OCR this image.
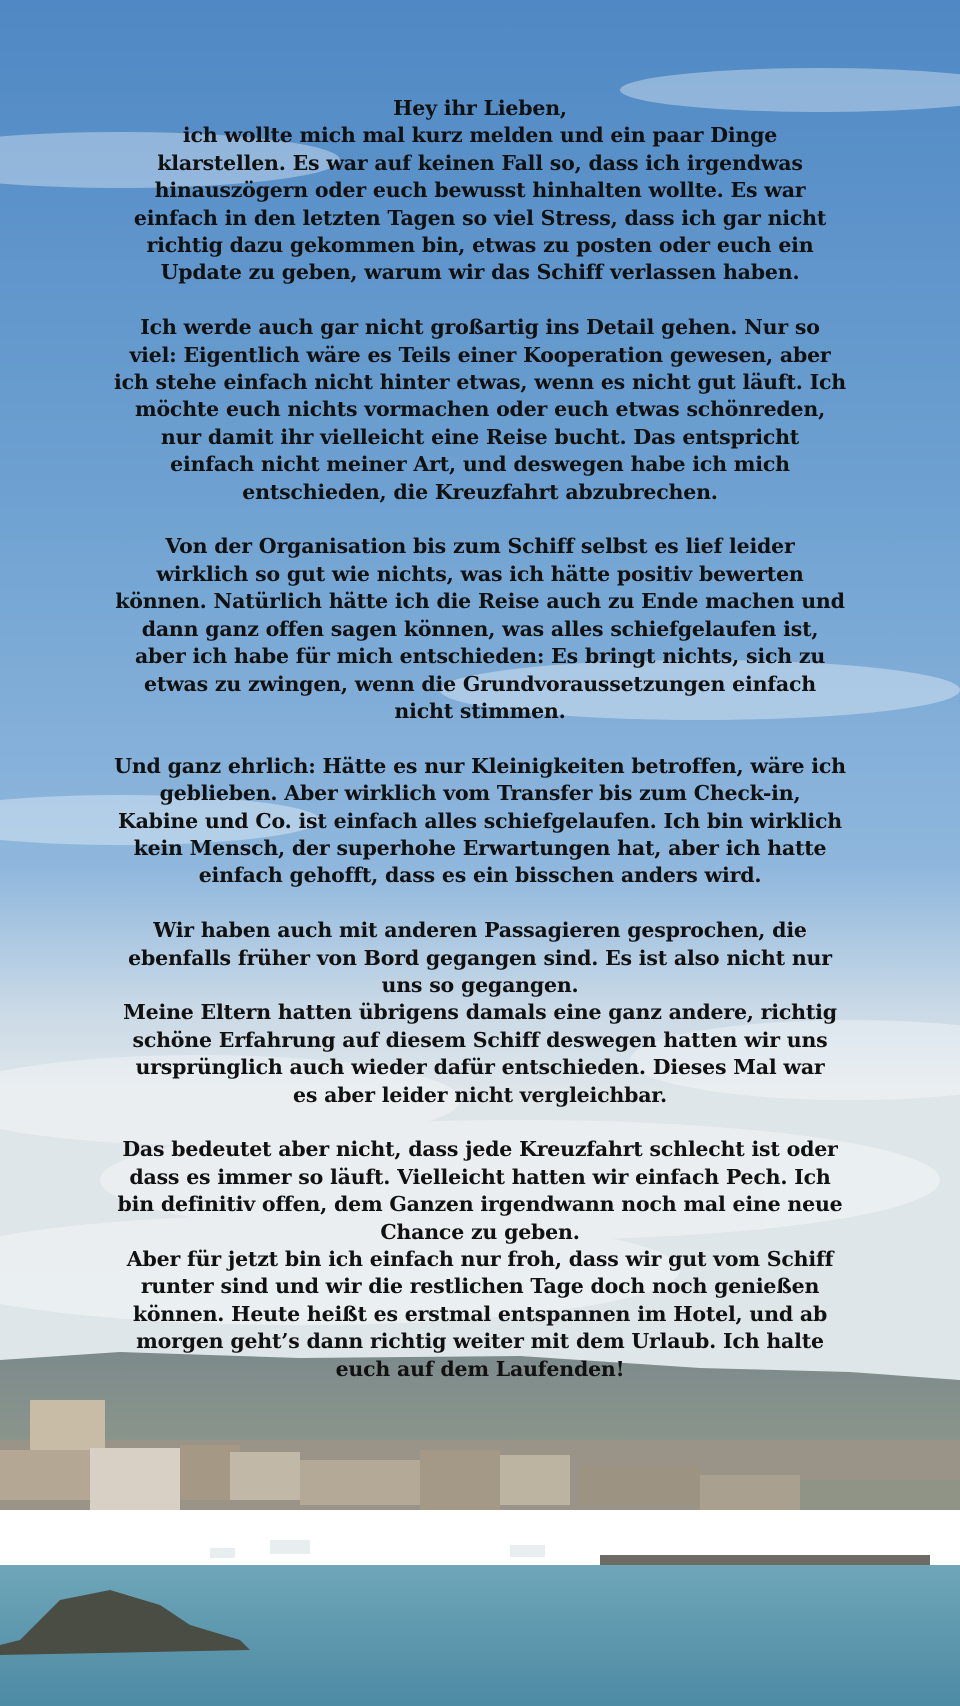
Hey ihr Lieben,
ich wollte mich mal kurz melden und ein paar Dinge
klarstellen. Es war auf keinen Fall so, dass ich irgendwas
hinauszögern oder euch bewusst hinhalten wollte. Es war
einfach in den letzten Tagen so viel Stress, dass ich gar nicht
richtig dazu gekommen bin, etwas zu posten oder euch ein
Update zu geben, warum wir das Schiff verlassen haben.

Ich werde auch gar nicht großartig ins Detail gehen. Nur so
viel: Eigentlich wäre es Teils einer Kooperation gewesen, aber
ich stehe einfach nicht hinter etwas, wenn es nicht gut läuft. Ich
möchte euch nichts vormachen oder euch etwas schönreden,
nur damit ihr vielleicht eine Reise bucht. Das entspricht
einfach nicht meiner Art, und deswegen habe ich mich
entschieden, die Kreuzfahrt abzubrechen.

Von der Organisation bis zum Schiff selbst es lief leider
wirklich so gut wie nichts, was ich hätte positiv bewerten
können. Natürlich hätte ich die Reise auch zu Ende machen und
dann ganz offen sagen können, was alles schiefgelaufen ist,
aber ich habe für mich entschieden: Es bringt nichts, sich zu
etwas zu zwingen, wenn die Grundvoraussetzungen einfach
nicht stimmen.

Und ganz ehrlich: Hätte es nur Kleinigkeiten betroffen, wäre ich
geblieben. Aber wirklich vom Transfer bis zum Check-in,
Kabine und Co. ist einfach alles schiefgelaufen. Ich bin wirklich
kein Mensch, der superhohe Erwartungen hat, aber ich hatte
einfach gehofft, dass es ein bisschen anders wird.

Wir haben auch mit anderen Passagieren gesprochen, die
ebenfalls früher von Bord gegangen sind. Es ist also nicht nur
uns so gegangen.
Meine Eltern hatten übrigens damals eine ganz andere, richtig
schöne Erfahrung auf diesem Schiff deswegen hatten wir uns
ursprünglich auch wieder dafür entschieden. Dieses Mal war
es aber leider nicht vergleichbar.

Das bedeutet aber nicht, dass jede Kreuzfahrt schlecht ist oder
dass es immer so läuft. Vielleicht hatten wir einfach Pech. Ich
bin definitiv offen, dem Ganzen irgendwann noch mal eine neue
Chance zu geben.
Aber für jetzt bin ich einfach nur froh, dass wir gut vom Schiff
runter sind und wir die restlichen Tage doch noch genießen
können. Heute heißt es erstmal entspannen im Hotel, und ab
morgen geht’s dann richtig weiter mit dem Urlaub. Ich halte
euch auf dem Laufenden!
